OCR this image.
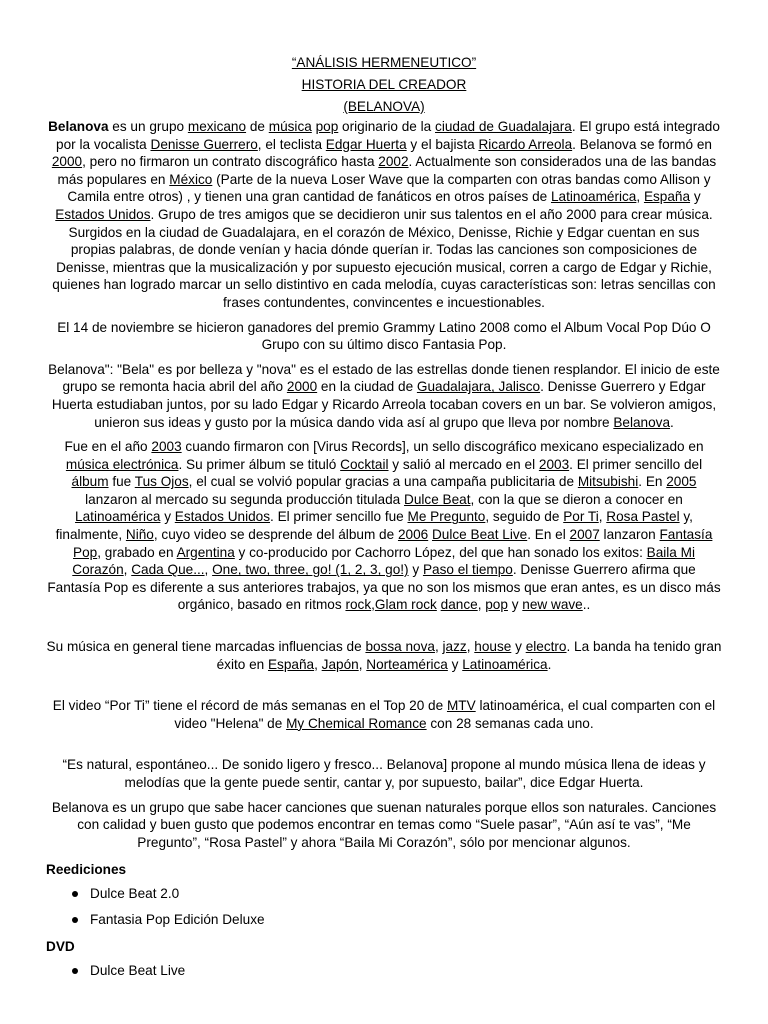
“ANÁLISIS HERMENEUTICO”

HISTORIA DEL CREADOR

(BELANOVA)

Belanova es un grupo mexicano de música pop originario de la ciudad de Guadalajara. El grupo está integrado por la vocalista Denisse Guerrero, el teclista Edgar Huerta y el bajista Ricardo Arreola. Belanova se formó en 2000, pero no firmaron un contrato discográfico hasta 2002. Actualmente son considerados una de las bandas más populares en México (Parte de la nueva Loser Wave que la comparten con otras bandas como Allison y Camila entre otros) , y tienen una gran cantidad de fanáticos en otros países de Latinoamérica, España y Estados Unidos. Grupo de tres amigos que se decidieron unir sus talentos en el año 2000 para crear música. Surgidos en la ciudad de Guadalajara, en el corazón de México, Denisse, Richie y Edgar cuentan en sus propias palabras, de donde venían y hacia dónde querían ir. Todas las canciones son composiciones de Denisse, mientras que la musicalización y por supuesto ejecución musical, corren a cargo de Edgar y Richie, quienes han logrado marcar un sello distintivo en cada melodía, cuyas características son: letras sencillas con frases contundentes, convincentes e incuestionables.

El 14 de noviembre se hicieron ganadores del premio Grammy Latino 2008 como el Album Vocal Pop Dúo O Grupo con su último disco Fantasia Pop.

Belanova": "Bela" es por belleza y "nova" es el estado de las estrellas donde tienen resplandor. El inicio de este grupo se remonta hacia abril del año 2000 en la ciudad de Guadalajara, Jalisco. Denisse Guerrero y Edgar Huerta estudiaban juntos, por su lado Edgar y Ricardo Arreola tocaban covers en un bar. Se volvieron amigos, unieron sus ideas y gusto por la música dando vida así al grupo que lleva por nombre Belanova.

Fue en el año 2003 cuando firmaron con [Virus Records], un sello discográfico mexicano especializado en música electrónica. Su primer álbum se tituló Cocktail y salió al mercado en el 2003. El primer sencillo del álbum fue Tus Ojos, el cual se volvió popular gracias a una campaña publicitaria de Mitsubishi. En 2005 lanzaron al mercado su segunda producción titulada Dulce Beat, con la que se dieron a conocer en Latinoamérica y Estados Unidos. El primer sencillo fue Me Pregunto, seguido de Por Ti, Rosa Pastel y, finalmente, Niño, cuyo video se desprende del álbum de 2006 Dulce Beat Live. En el 2007 lanzaron Fantasía Pop, grabado en Argentina y co-producido por Cachorro López, del que han sonado los exitos: Baila Mi Corazón, Cada Que..., One, two, three, go! (1, 2, 3, go!) y Paso el tiempo. Denisse Guerrero afirma que Fantasía Pop es diferente a sus anteriores trabajos, ya que no son los mismos que eran antes, es un disco más orgánico, basado en ritmos rock,Glam rock dance, pop y new wave..

Su música en general tiene marcadas influencias de bossa nova, jazz, house y electro. La banda ha tenido gran éxito en España, Japón, Norteamérica y Latinoamérica.

El video “Por Ti” tiene el récord de más semanas en el Top 20 de MTV latinoamérica, el cual comparten con el video "Helena" de My Chemical Romance con 28 semanas cada uno.

“Es natural, espontáneo... De sonido ligero y fresco... Belanova] propone al mundo música llena de ideas y melodías que la gente puede sentir, cantar y, por supuesto, bailar”, dice Edgar Huerta.

Belanova es un grupo que sabe hacer canciones que suenan naturales porque ellos son naturales. Canciones con calidad y buen gusto que podemos encontrar en temas como “Suele pasar”, “Aún así te vas”, “Me Pregunto”, “Rosa Pastel” y ahora “Baila Mi Corazón”, sólo por mencionar algunos.

Reediciones
Dulce Beat 2.0
Fantasia Pop Edición Deluxe
DVD
Dulce Beat Live
